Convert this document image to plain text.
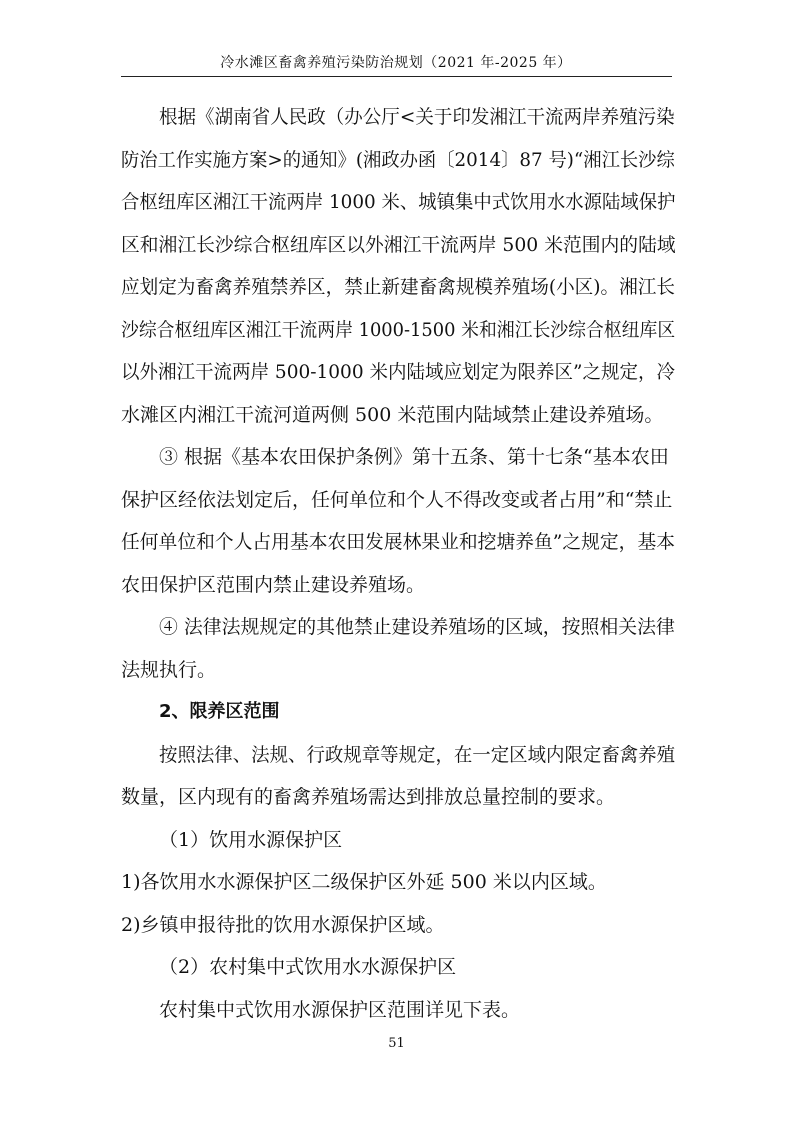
冷水滩区畜禽养殖污染防治规划（2021 年-2025 年）
根据《湖南省人民政（办公厅<关于印发湘江干流两岸养殖污染
防治工作实施方案>的通知》(湘政办函〔2014〕87 号)“湘江长沙综
合枢纽库区湘江干流两岸 1000 米、城镇集中式饮用水水源陆域保护
区和湘江长沙综合枢纽库区以外湘江干流两岸 500 米范围内的陆域
应划定为畜禽养殖禁养区，禁止新建畜禽规模养殖场(小区)。湘江长
沙综合枢纽库区湘江干流两岸 1000-1500 米和湘江长沙综合枢纽库区
以外湘江干流两岸 500-1000 米内陆域应划定为限养区”之规定，冷
水滩区内湘江干流河道两侧 500 米范围内陆域禁止建设养殖场。
③ 根据《基本农田保护条例》第十五条、第十七条“基本农田
保护区经依法划定后，任何单位和个人不得改变或者占用”和“禁止
任何单位和个人占用基本农田发展林果业和挖塘养鱼”之规定，基本
农田保护区范围内禁止建设养殖场。
④ 法律法规规定的其他禁止建设养殖场的区域，按照相关法律
法规执行。
2、限养区范围
按照法律、法规、行政规章等规定，在一定区域内限定畜禽养殖
数量，区内现有的畜禽养殖场需达到排放总量控制的要求。
（1）饮用水源保护区
1)各饮用水水源保护区二级保护区外延 500 米以内区域。
2)乡镇申报待批的饮用水源保护区域。
（2）农村集中式饮用水水源保护区
农村集中式饮用水源保护区范围详见下表。
51
